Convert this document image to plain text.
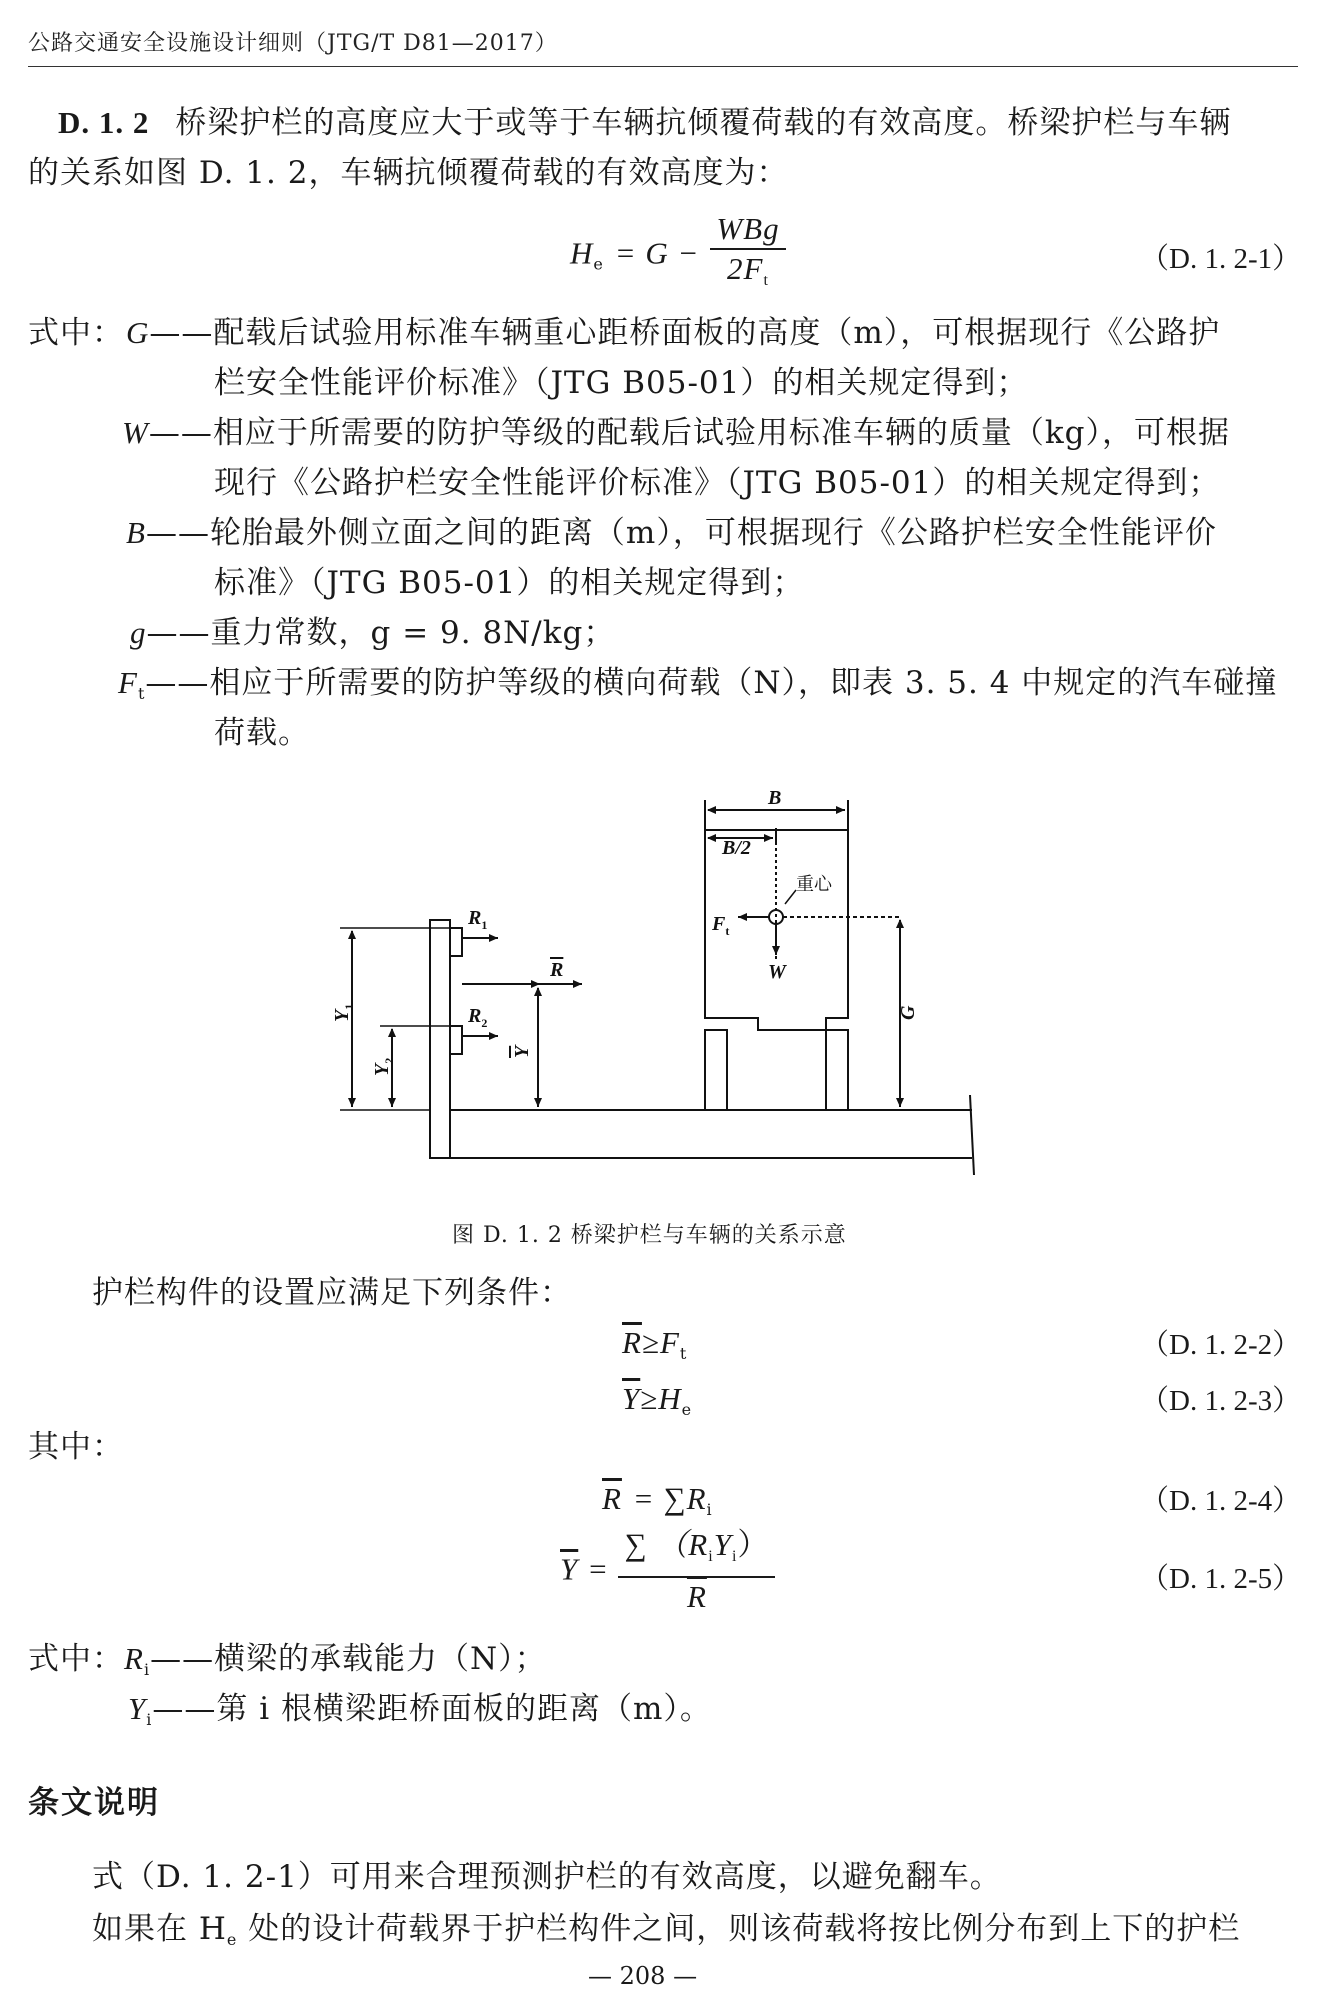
公路交通安全设施设计细则（JTG/T D81—2017）
D. 1. 2 桥梁护栏的高度应大于或等于车辆抗倾覆荷载的有效高度。桥梁护栏与车辆
的关系如图 D. 1. 2，车辆抗倾覆荷载的有效高度为：
$H_e = G - \frac{\text{WBg}}{2F_t}$	（D. 1. 2-1）
式中： G——配载后试验用标准车辆重心距桥面板的高度（m），可根据现行《公路护
栏安全性能评价标准》（JTG B05-01）的相关规定得到；
W——相应于所需要的防护等级的配载后试验用标准车辆的质量（kg），可根据
现行《公路护栏安全性能评价标准》（JTG B05-01）的相关规定得到；
B——轮胎最外侧立面之间的距离（m），可根据现行《公路护栏安全性能评价
标准》（JTG B05-01）的相关规定得到；
g——重力常数，g = 9. 8N/kg；
$F_t——$相应于所需要的防护等级的横向荷载（N），即表 3. 5. 4 中规定的汽车碰撞
荷载。
B
B/2
重心
$F_t$
W
G
$R_1$
$R_2$
R
Y
$Y_1$
$Y_2$
图 D. 1. 2 桥梁护栏与车辆的关系示意
护栏构件的设置应满足下列条件：
$\overline{R}\ge F_t$	（D. 1. 2-2）
$\overline{Y}\ge H_e$	（D. 1. 2-3）
其中：
$\overline{R} = \sum R_i$	（D. 1. 2-4）
$\overline{Y} = \frac{\sum (R_iY_i)}{R}$	（D. 1. 2-5）
式中：$R_i——$横梁的承载能力（N）；
$Y_i——$第 i 根横梁距桥面板的距离（m）。
条文说明
式（D. 1. 2-1）可用来合理预测护栏的有效高度，以避免翻车。
如果在 $H_e$ 处的设计荷载界于护栏构件之间，则该荷载将按比例分布到上下的护栏
— 208 —
